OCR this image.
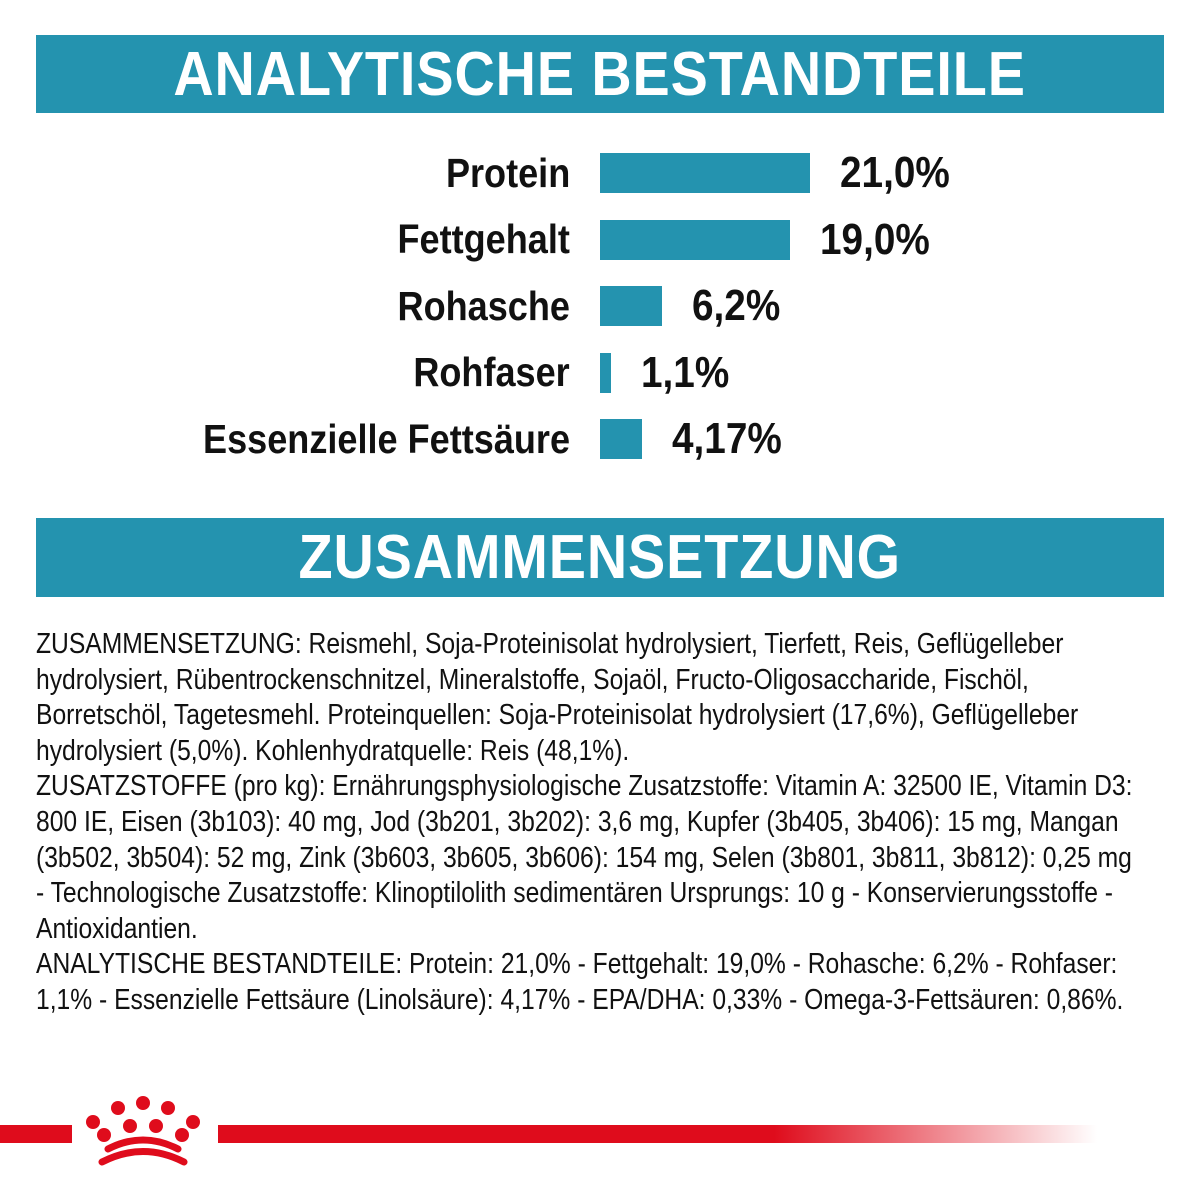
ANALYTISCHE BESTANDTEILE
Protein	21,0%
Fettgehalt	19,0%
Rohasche	6,2%
Rohfaser	1,1%
Essenzielle Fettsäure	4,17%
ZUSAMMENSETZUNG

ZUSAMMENSETZUNG: Reismehl, Soja-Proteinisolat hydrolysiert, Tierfett, Reis, Geflügelleber hydrolysiert, Rübentrockenschnitzel, Mineralstoffe, Sojaöl, Fructo-Oligosaccharide, Fischöl, Borretschöl, Tagetesmehl. Proteinquellen: Soja-Proteinisolat hydrolysiert (17,6%), Geflügelleber hydrolysiert (5,0%). Kohlenhydratquelle: Reis (48,1%).

ZUSATZSTOFFE (pro kg): Ernährungsphysiologische Zusatzstoffe: Vitamin A: 32500 IE, Vitamin D3: 800 IE, Eisen (3b103): 40 mg, Jod (3b201, 3b202): 3,6 mg, Kupfer (3b405, 3b406): 15 mg, Mangan (3b502, 3b504): 52 mg, Zink (3b603, 3b605, 3b606): 154 mg, Selen (3b801, 3b811, 3b812): 0,25 mg - Technologische Zusatzstoffe: Klinoptilolith sedimentären Ursprungs: 10 g - Konservierungsstoffe - Antioxidantien.

ANALYTISCHE BESTANDTEILE: Protein: 21,0% - Fettgehalt: 19,0% - Rohasche: 6,2% - Rohfaser: 1,1% - Essenzielle Fettsäure (Linolsäure): 4,17% - EPA/DHA: 0,33% - Omega-3-Fettsäuren: 0,86%.
